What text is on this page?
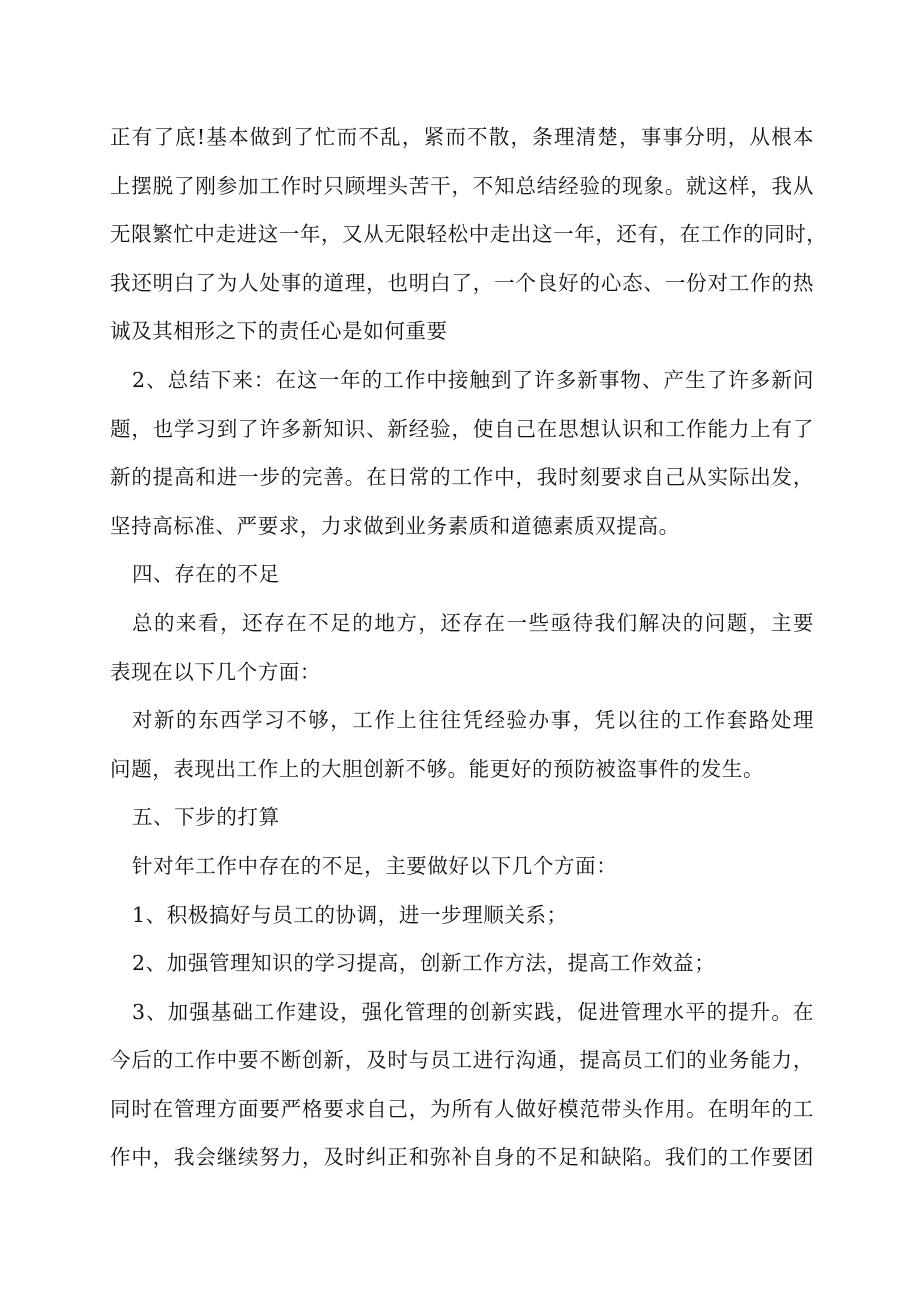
正有了底!基本做到了忙而不乱，紧而不散，条理清楚，事事分明，从根本
上摆脱了刚参加工作时只顾埋头苦干，不知总结经验的现象。就这样，我从
无限繁忙中走进这一年，又从无限轻松中走出这一年，还有，在工作的同时，
我还明白了为人处事的道理，也明白了，一个良好的心态、一份对工作的热
诚及其相形之下的责任心是如何重要
2、总结下来：在这一年的工作中接触到了许多新事物、产生了许多新问
题，也学习到了许多新知识、新经验，使自己在思想认识和工作能力上有了
新的提高和进一步的完善。在日常的工作中，我时刻要求自己从实际出发，
坚持高标准、严要求，力求做到业务素质和道德素质双提高。
四、存在的不足
总的来看，还存在不足的地方，还存在一些亟待我们解决的问题，主要
表现在以下几个方面：
对新的东西学习不够，工作上往往凭经验办事，凭以往的工作套路处理
问题，表现出工作上的大胆创新不够。能更好的预防被盗事件的发生。
五、下步的打算
针对年工作中存在的不足，主要做好以下几个方面：
1、积极搞好与员工的协调，进一步理顺关系；
2、加强管理知识的学习提高，创新工作方法，提高工作效益；
3、加强基础工作建设，强化管理的创新实践，促进管理水平的提升。在
今后的工作中要不断创新，及时与员工进行沟通，提高员工们的业务能力，
同时在管理方面要严格要求自己，为所有人做好模范带头作用。在明年的工
作中，我会继续努力，及时纠正和弥补自身的不足和缺陷。我们的工作要团
